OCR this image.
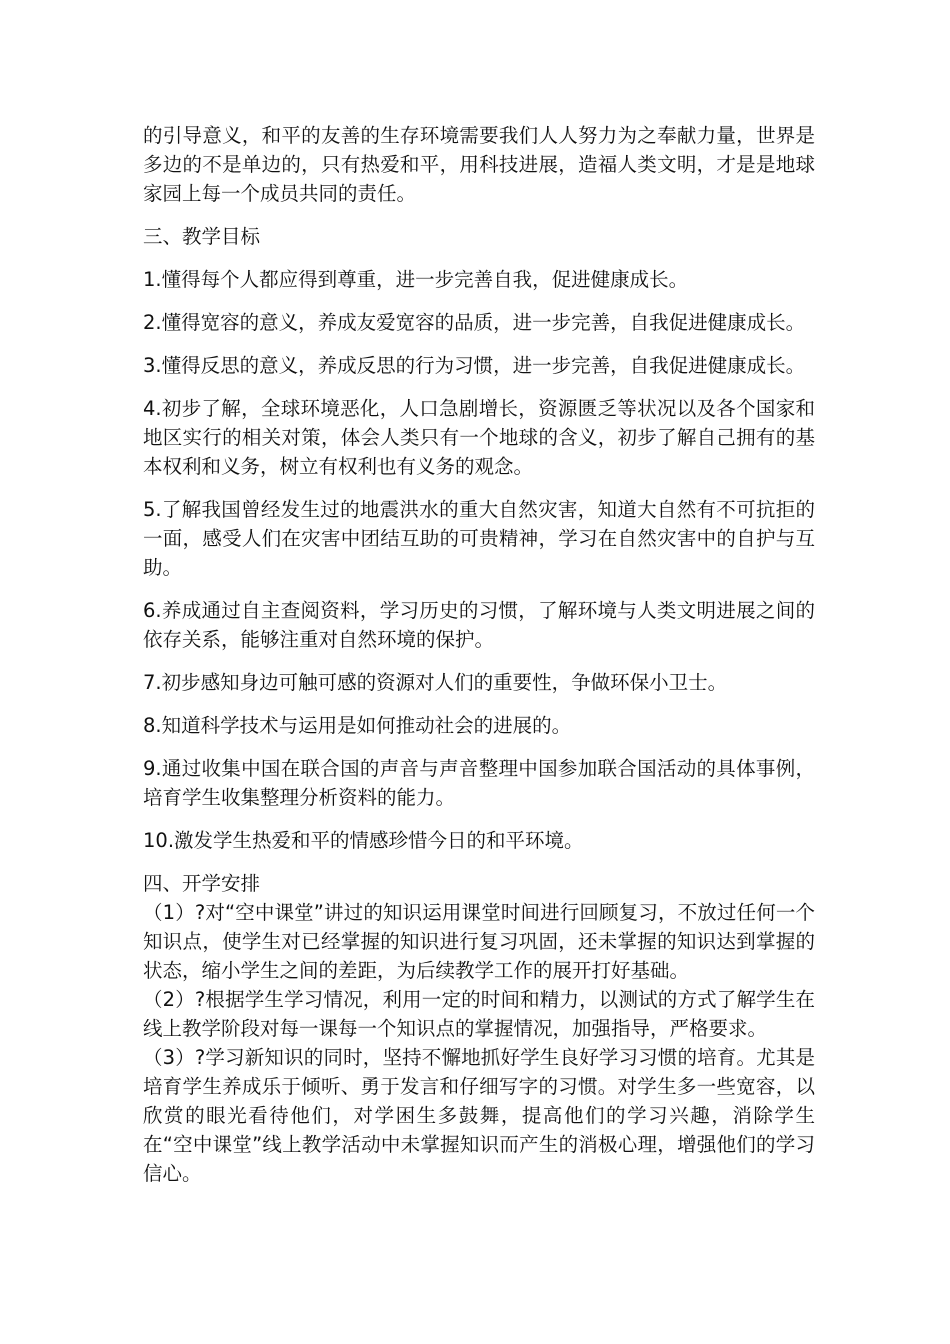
的引导意义，和平的友善的生存环境需要我们人人努力为之奉献力量，世界是多边的不是单边的，只有热爱和平，用科技进展，造福人类文明，才是是地球家园上每一个成员共同的责任。

三、教学目标

1.懂得每个人都应得到尊重，进一步完善自我，促进健康成长。

2.懂得宽容的意义，养成友爱宽容的品质，进一步完善，自我促进健康成长。

3.懂得反思的意义，养成反思的行为习惯，进一步完善，自我促进健康成长。

4.初步了解，全球环境恶化，人口急剧增长，资源匮乏等状况以及各个国家和地区实行的相关对策，体会人类只有一个地球的含义，初步了解自己拥有的基本权利和义务，树立有权利也有义务的观念。

5.了解我国曾经发生过的地震洪水的重大自然灾害，知道大自然有不可抗拒的一面，感受人们在灾害中团结互助的可贵精神，学习在自然灾害中的自护与互助。

6.养成通过自主查阅资料，学习历史的习惯，了解环境与人类文明进展之间的依存关系，能够注重对自然环境的保护。

7.初步感知身边可触可感的资源对人们的重要性，争做环保小卫士。

8.知道科学技术与运用是如何推动社会的进展的。

9.通过收集中国在联合国的声音与声音整理中国参加联合国活动的具体事例，培育学生收集整理分析资料的能力。

10.激发学生热爱和平的情感珍惜今日的和平环境。

四、开学安排

（1）?对“空中课堂”讲过的知识运用课堂时间进行回顾复习，不放过任何一个知识点，使学生对已经掌握的知识进行复习巩固，还未掌握的知识达到掌握的状态，缩小学生之间的差距，为后续教学工作的展开打好基础。

（2）?根据学生学习情况，利用一定的时间和精力，以测试的方式了解学生在线上教学阶段对每一课每一个知识点的掌握情况，加强指导，严格要求。

（3）?学习新知识的同时，坚持不懈地抓好学生良好学习习惯的培育。尤其是培育学生养成乐于倾听、勇于发言和仔细写字的习惯。对学生多一些宽容，以欣赏的眼光看待他们，对学困生多鼓舞，提高他们的学习兴趣，消除学生在“空中课堂”线上教学活动中未掌握知识而产生的消极心理，增强他们的学习信心。
